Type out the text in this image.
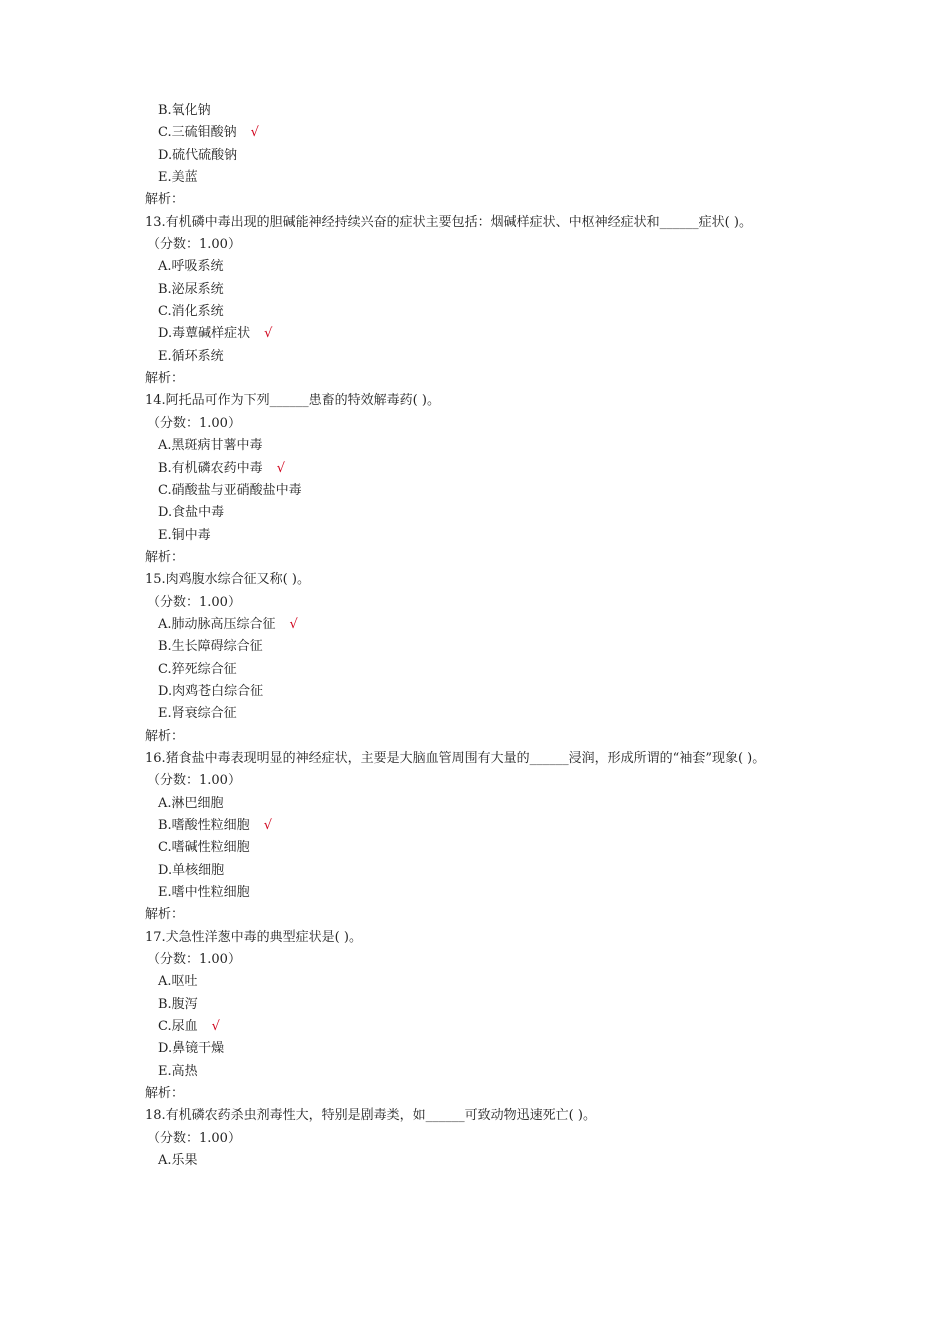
B.氧化钠
C.三硫钼酸钠 √
D.硫代硫酸钠
E.美蓝
解析：
13.有机磷中毒出现的胆碱能神经持续兴奋的症状主要包括：烟碱样症状、中枢神经症状和______症状( )。
（分数：1.00）
A.呼吸系统
B.泌尿系统
C.消化系统
D.毒蕈碱样症状 √
E.循环系统
解析：
14.阿托品可作为下列______患畜的特效解毒药( )。
（分数：1.00）
A.黑斑病甘薯中毒
B.有机磷农药中毒 √
C.硝酸盐与亚硝酸盐中毒
D.食盐中毒
E.铜中毒
解析：
15.肉鸡腹水综合征又称( )。
（分数：1.00）
A.肺动脉高压综合征 √
B.生长障碍综合征
C.猝死综合征
D.肉鸡苍白综合征
E.肾衰综合征
解析：
16.猪食盐中毒表现明显的神经症状，主要是大脑血管周围有大量的______浸润，形成所谓的“袖套”现象( )。
（分数：1.00）
A.淋巴细胞
B.嗜酸性粒细胞 √
C.嗜碱性粒细胞
D.单核细胞
E.嗜中性粒细胞
解析：
17.犬急性洋葱中毒的典型症状是( )。
（分数：1.00）
A.呕吐
B.腹泻
C.尿血 √
D.鼻镜干燥
E.高热
解析：
18.有机磷农药杀虫剂毒性大，特别是剧毒类，如______可致动物迅速死亡( )。
（分数：1.00）
A.乐果
